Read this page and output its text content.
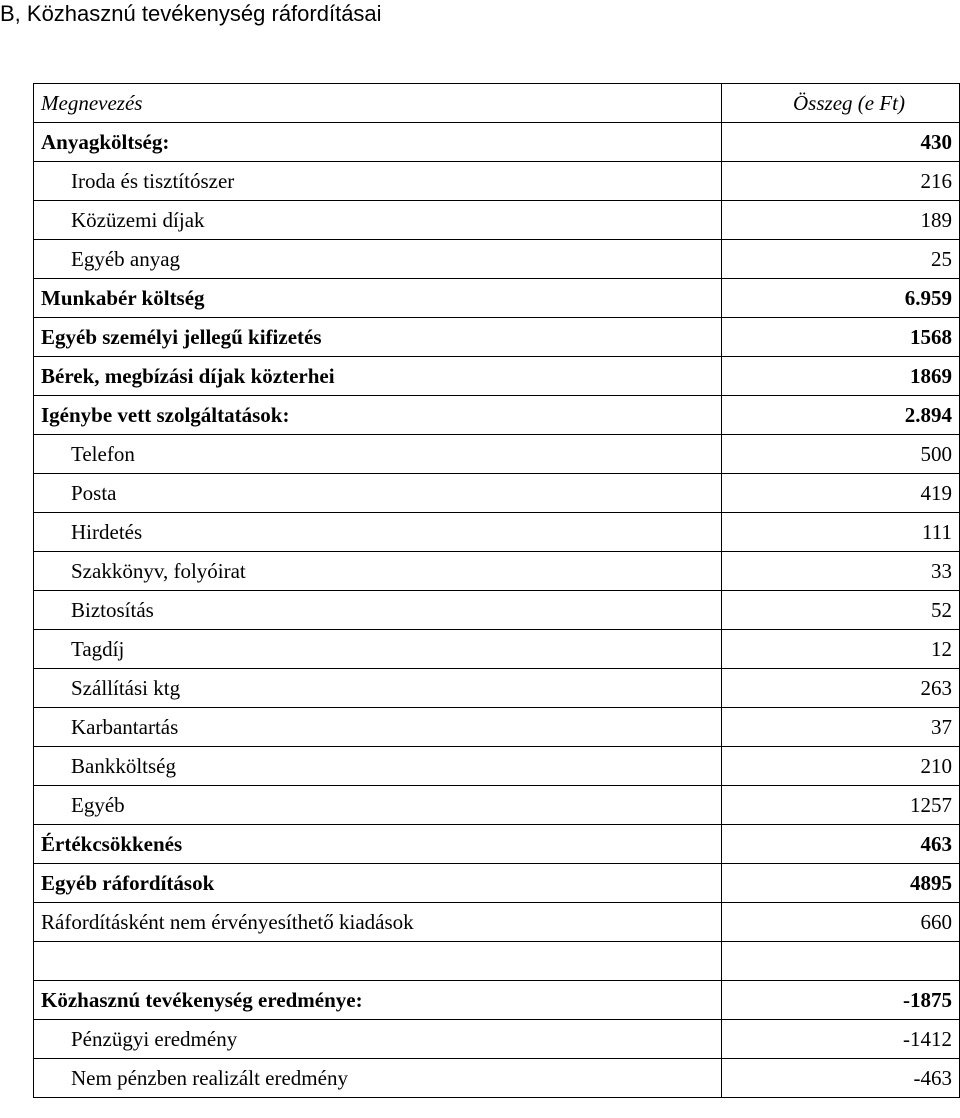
B, Közhasznú tevékenység ráfordításai
Megnevezés	Összeg (e Ft)
Anyagköltség:	430
Iroda és tisztítószer	216
Közüzemi díjak	189
Egyéb anyag	25
Munkabér költség	6.959
Egyéb személyi jellegű kifizetés	1568
Bérek, megbízási díjak közterhei	1869
Igénybe vett szolgáltatások:	2.894
Telefon	500
Posta	419
Hirdetés	111
Szakkönyv, folyóirat	33
Biztosítás	52
Tagdíj	12
Szállítási ktg	263
Karbantartás	37
Bankköltség	210
Egyéb	1257
Értékcsökkenés	463
Egyéb ráfordítások	4895
Ráfordításként nem érvényesíthető kiadások	660

Közhasznú tevékenység eredménye:	-1875
Pénzügyi eredmény	-1412
Nem pénzben realizált eredmény	-463
